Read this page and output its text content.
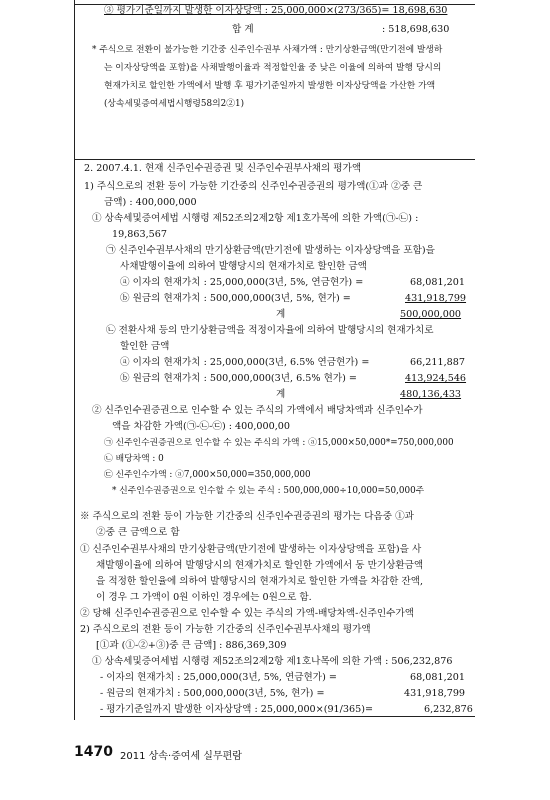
③ 평가기준일까지 발생한 이자상당액 : 25,000,000×(273/365)= 18,698,630
합 계	: 518,698,630
* 주식으로 전환이 불가능한 기간중 신주인수권부 사채가액 : 만기상환금액(만기전에 발생하
는 이자상당액을 포함)을 사채발행이율과 적정할인율 중 낮은 이율에 의하여 발행 당시의
현재가치로 할인한 가액에서 발행 후 평가기준일까지 발생한 이자상당액을 가산한 가액
(상속세및증여세법시행령58의2②1)
2. 2007.4.1. 현재 신주인수권증권 및 신주인수권부사채의 평가액
1) 주식으로의 전환 등이 가능한 기간중의 신주인수권증권의 평가액(①과 ②중 큰
금액) : 400,000,000
① 상속세및증여세법 시행령 제52조의2제2항 제1호가목에 의한 가액(㉠-㉡) :
19,863,567
㉠ 신주인수권부사채의 만기상환금액(만기전에 발생하는 이자상당액을 포함)을
사채발행이율에 의하여 발행당시의 현재가치로 할인한 금액
ⓐ 이자의 현재가치 : 25,000,000(3년, 5%, 연금현가) =	68,081,201
ⓑ 원금의 현재가치 : 500,000,000(3년, 5%, 현가) =	431,918,799
계	500,000,000
㉡ 전환사채 등의 만기상환금액을 적정이자율에 의하여 발행당시의 현재가치로
할인한 금액
ⓐ 이자의 현재가치 : 25,000,000(3년, 6.5% 연금현가) =	66,211,887
ⓑ 원금의 현재가치 : 500,000,000(3년, 6.5% 현가) =	413,924,546
계	480,136,433
② 신주인수권증권으로 인수할 수 있는 주식의 가액에서 배당차액과 신주인수가
액을 차감한 가액(㉠-㉡-㉢) : 400,000,00
㉠ 신주인수권증권으로 인수할 수 있는 주식의 가액 : ⓐ15,000×50,000*=750,000,000
㉡ 배당차액 : 0
㉢ 신주인수가액 : ⓐ7,000×50,000=350,000,000
* 신주인수권증권으로 인수할 수 있는 주식 : 500,000,000÷10,000=50,000주
※ 주식으로의 전환 등이 가능한 기간중의 신주인수권증권의 평가는 다음중 ①과
②중 큰 금액으로 함
① 신주인수권부사채의 만기상환금액(만기전에 발생하는 이자상당액을 포함)을 사
채발행이율에 의하여 발행당시의 현재가치로 할인한 가액에서 동 만기상환금액
을 적정한 할인율에 의하여 발행당시의 현재가치로 할인한 가액을 차감한 잔액,
이 경우 그 가액이 0원 이하인 경우에는 0원으로 함.
② 당해 신주인수권증권으로 인수할 수 있는 주식의 가액-배당차액-신주인수가액
2) 주식으로의 전환 등이 가능한 기간중의 신주인수권부사채의 평가액
[①과 (①-②+③)중 큰 금액] : 886,369,309
① 상속세및증여세법 시행령 제52조의2제2항 제1호나목에 의한 가액 : 506,232,876
- 이자의 현재가치 : 25,000,000(3년, 5%, 연금현가) =	68,081,201
- 원금의 현재가치 : 500,000,000(3년, 5%, 현가) =	431,918,799
- 평가기준일까지 발생한 이자상당액 : 25,000,000×(91/365)=	6,232,876
1470 2011 상속·증여세 실무편람
